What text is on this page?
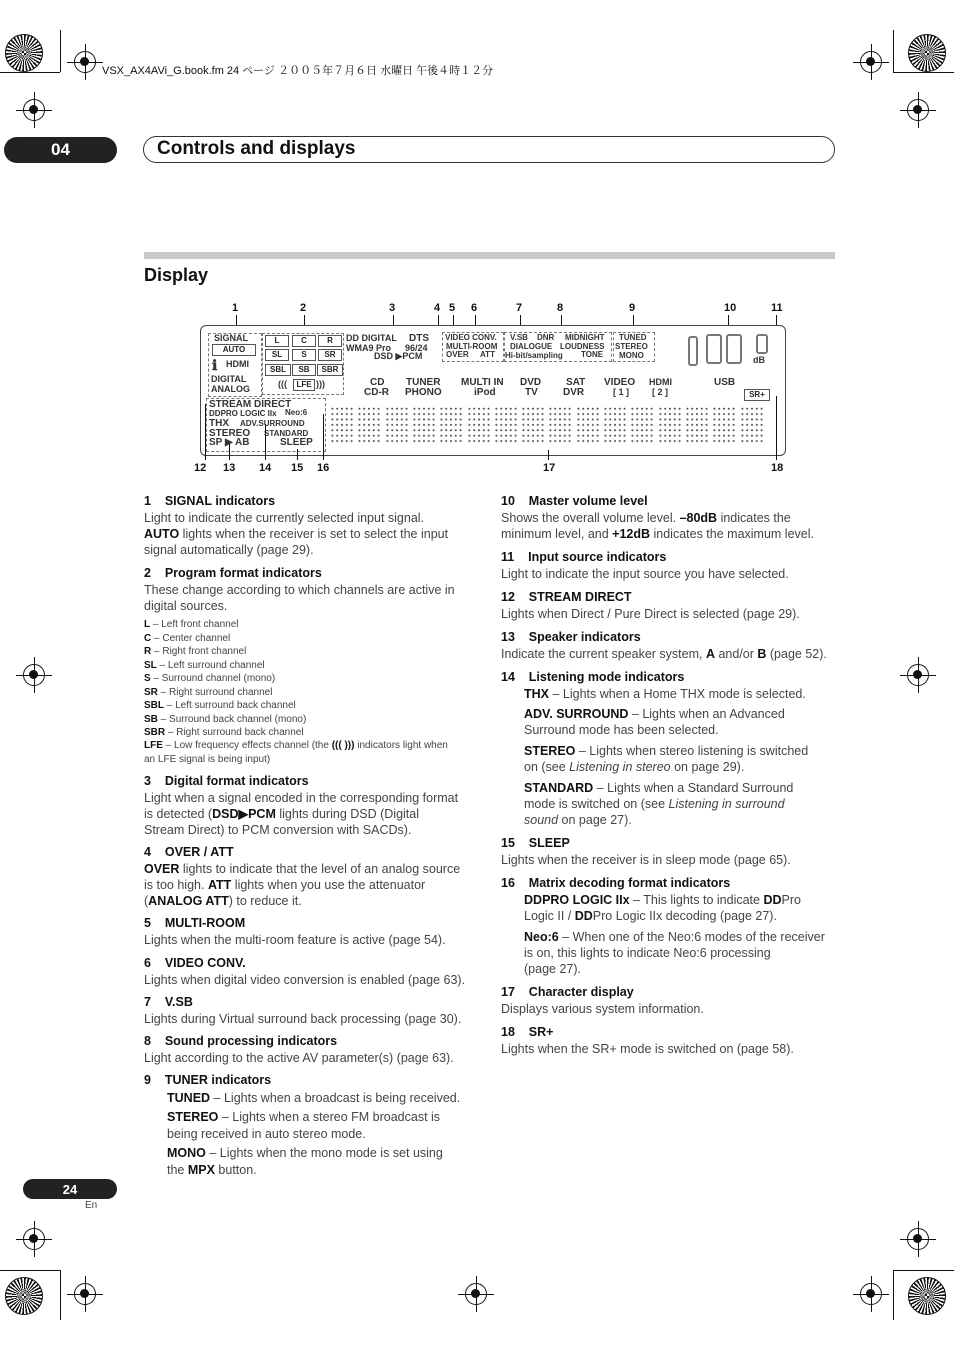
VSX_AX4AVi_G.book.fm 24 ページ ２００５年７月６日 水曜日 午後４時１２分
04	Controls and displays
Display
1	2	3	4 5 6	7	8	9	10	11
SIGNAL
AUTO
ℹ HDMI
DIGITAL
ANALOG
L	C	R
SL	S	SR
SBL	SB	SBR
(((	LFE )))
DD DIGITAL DTS
WMA9 Pro 96/24
DSD ▶PCM
VIDEO CONV. V.SB
MULTI-ROOM
OVER ATT
DNR MIDNIGHT
DIALOGUE LOUDNESS
Hi-bit/sampling TONE
TUNED
STEREO
MONO	dB
CD
CD-R
TUNER
PHONO
MULTI IN
iPod
DVD
TV
SAT
DVR
VIDEO
[ 1 ]
HDMI
[ 2 ]
USB
SR+
STREAM DIRECT
DDPRO LOGIC IIx Neo:6
THX ADV.SURROUND
STEREO STANDARD
SP ▶ AB	SLEEP
12 13 14 15 16	17	18
1    SIGNAL indicators
Light to indicate the currently selected input signal.
AUTO lights when the receiver is set to select the input signal automatically (page 29).
2    Program format indicators
These change according to which channels are active in digital sources.
L – Left front channel
C – Center channel
R – Right front channel
SL – Left surround channel
S – Surround channel (mono)
SR – Right surround channel
SBL – Left surround back channel
SB – Surround back channel (mono)
SBR – Right surround back channel
LFE – Low frequency effects channel (the ((( ))) indicators light when
an LFE signal is being input)
3    Digital format indicators
Light when a signal encoded in the corresponding format
is detected (DSD▶PCM lights during DSD (Digital
Stream Direct) to PCM conversion with SACDs).
4    OVER / ATT
OVER lights to indicate that the level of an analog source
is too high. ATT lights when you use the attenuator
(ANALOG ATT) to reduce it.
5    MULTI-ROOM
Lights when the multi-room feature is active (page 54).
6    VIDEO CONV.
Lights when digital video conversion is enabled (page 63).
7    V.SB
Lights during Virtual surround back processing (page 30).
8    Sound processing indicators
Light according to the active AV parameter(s) (page 63).
9    TUNER indicators
TUNED – Lights when a broadcast is being received.
STEREO – Lights when a stereo FM broadcast is
being received in auto stereo mode.
MONO – Lights when the mono mode is set using
the MPX button.
10    Master volume level
Shows the overall volume level. –80dB indicates the
minimum level, and +12dB indicates the maximum level.
11    Input source indicators
Light to indicate the input source you have selected.
12    STREAM DIRECT
Lights when Direct / Pure Direct is selected (page 29).
13    Speaker indicators
Indicate the current speaker system, A and/or B (page 52).
14    Listening mode indicators
THX – Lights when a Home THX mode is selected.
ADV. SURROUND – Lights when an Advanced
Surround mode has been selected.
STEREO – Lights when stereo listening is switched
on (see Listening in stereo on page 29).
STANDARD – Lights when a Standard Surround
mode is switched on (see Listening in surround
sound on page 27).
15    SLEEP
Lights when the receiver is in sleep mode (page 65).
16    Matrix decoding format indicators
DDPRO LOGIC IIx – This lights to indicate DDPro
Logic II / DDPro Logic IIx decoding (page 27).
Neo:6 – When one of the Neo:6 modes of the receiver
is on, this lights to indicate Neo:6 processing
(page 27).
17    Character display
Displays various system information.
18    SR+
Lights when the SR+ mode is switched on (page 58).
24
En
